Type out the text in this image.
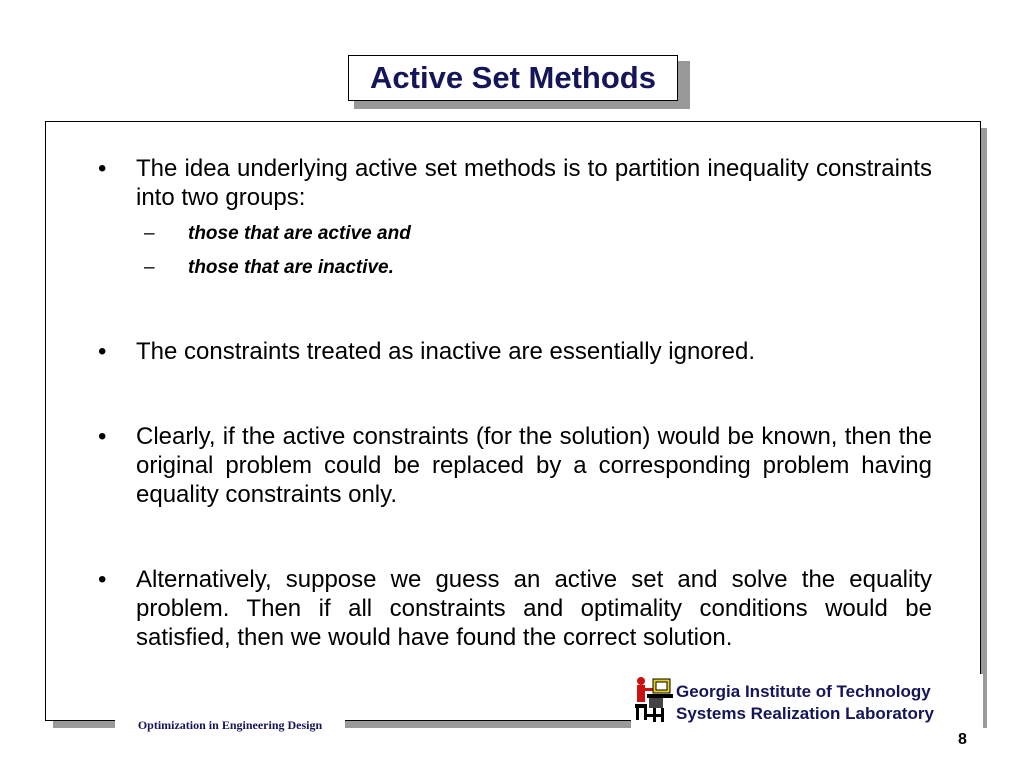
Active Set Methods
• The idea underlying active set methods is to partition inequality constraints into two groups:
– those that are active and
– those that are inactive.
• The constraints treated as inactive are essentially ignored.
• Clearly, if the active constraints (for the solution) would be known, then the original problem could be replaced by a corresponding problem having equality constraints only.
• Alternatively, suppose we guess an active set and solve the equality problem. Then if all constraints and optimality conditions would be satisfied, then we would have found the correct solution.
Optimization in Engineering Design
Georgia Institute of Technology
Systems Realization Laboratory
8
